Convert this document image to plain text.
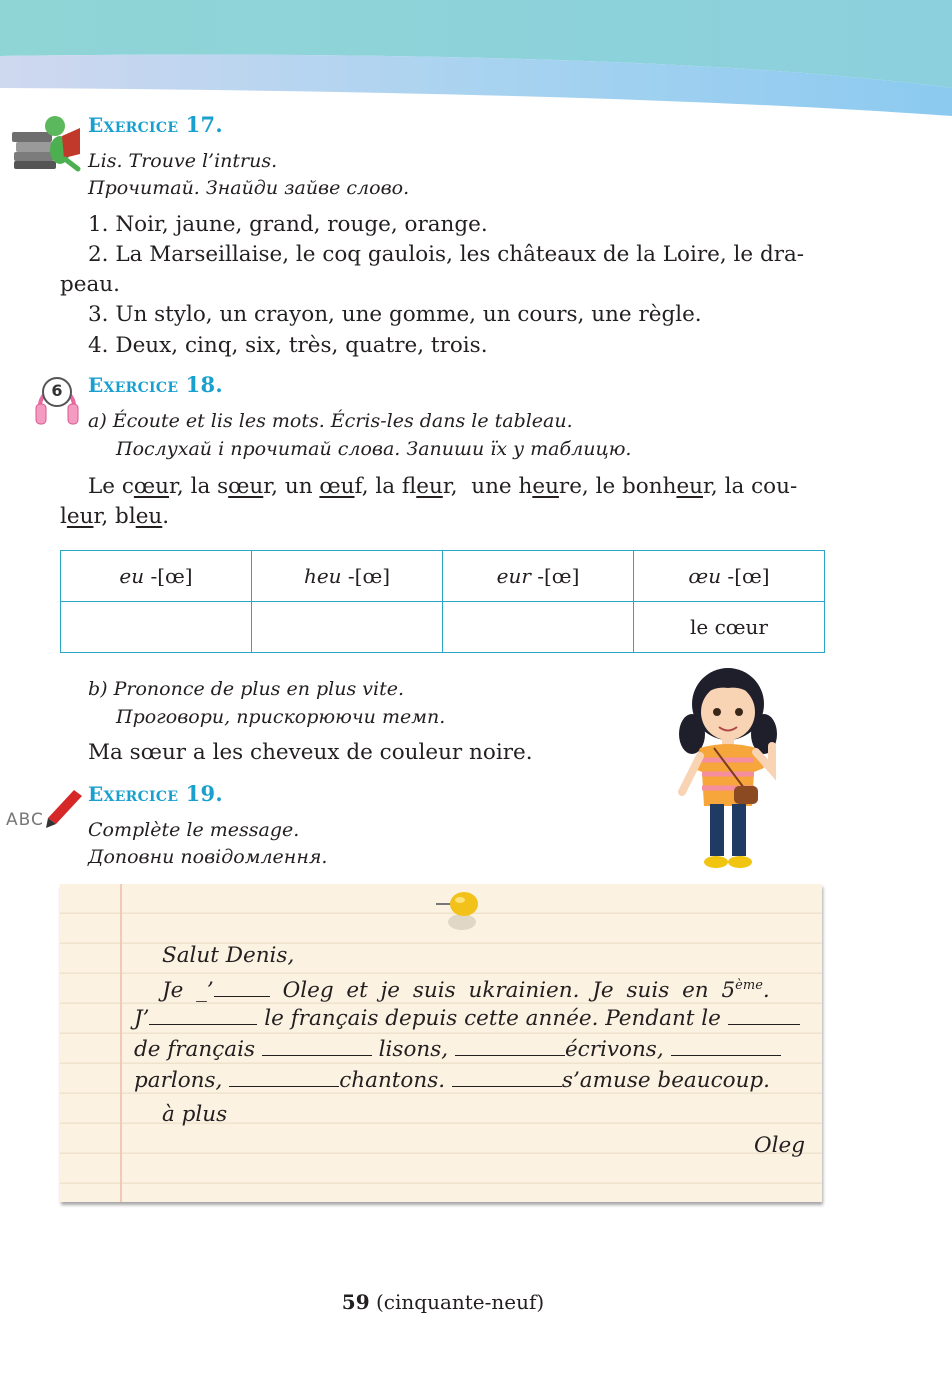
Exercice 17.
Lis. Trouve l’intrus.
Прочитай. Знайди зайве слово.
1. Noir, jaune, grand, rouge, orange.
2. La Marseillaise, le coq gaulois, les châteaux de la Loire, le dra-
peau.
3. Un stylo, un crayon, une gomme, un cours, une règle.
4. Deux, cinq, six, très, quatre, trois.
6	Exercice 18.
a) Écoute et lis les mots. Écris-les dans le tableau.
Послухай і прочитай слова. Запиши їх у таблицю.
Le cœur, la sœur, un œuf, la fleur,  une heure, le bonheur, la cou-
leur, bleu.
eu -[œ]	heu -[œ]	eur -[œ]	œu -[œ]
			le cœur
b) Prononce de plus en plus vite.
Проговори, прискорюючи темп.
Ma sœur a les cheveux de couleur noire.
ABC
Exercice 19.
Complète le message.
Доповни повідомлення.
Salut Denis,
Je _’	Oleg et je suis ukrainien. Je suis en 5ème.
J’	le français depuis cette année. Pendant le
de français	lisons,	écrivons,
parlons,	chantons.	s’amuse beaucoup.
à plus
Oleg
59 (cinquante-neuf)
